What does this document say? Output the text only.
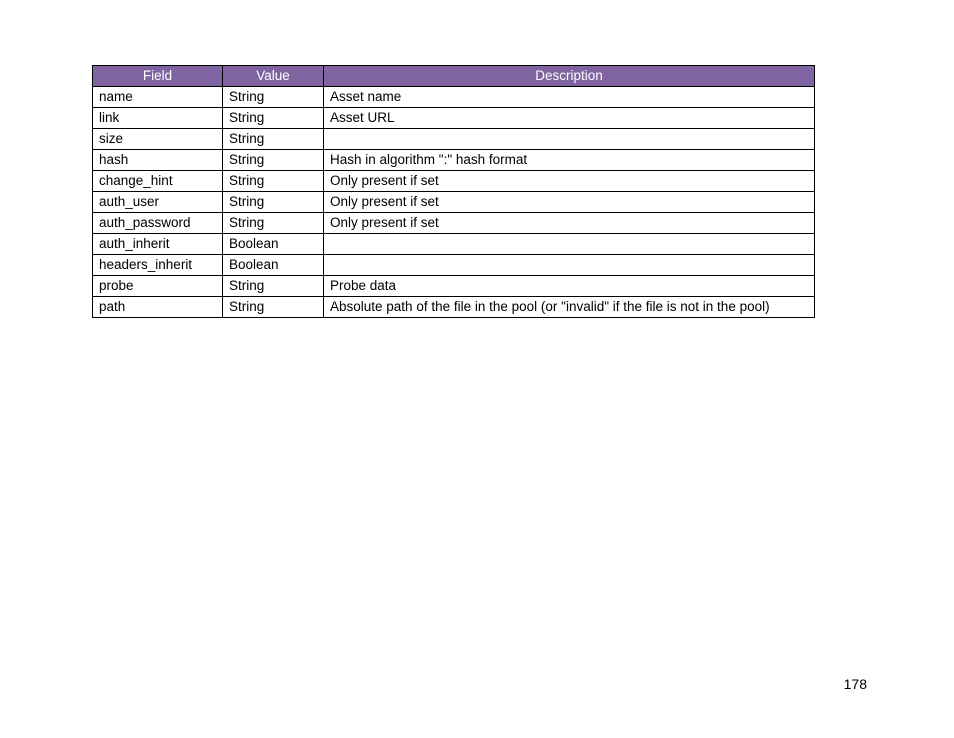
Field	Value	Description
name	String	Asset name
link	String	Asset URL
size	String	
hash	String	Hash in algorithm ":" hash format
change_hint	String	Only present if set
auth_user	String	Only present if set
auth_password	String	Only present if set
auth_inherit	Boolean	
headers_inherit	Boolean	
probe	String	Probe data
path	String	Absolute path of the file in the pool (or "invalid" if the file is not in the pool)
178
